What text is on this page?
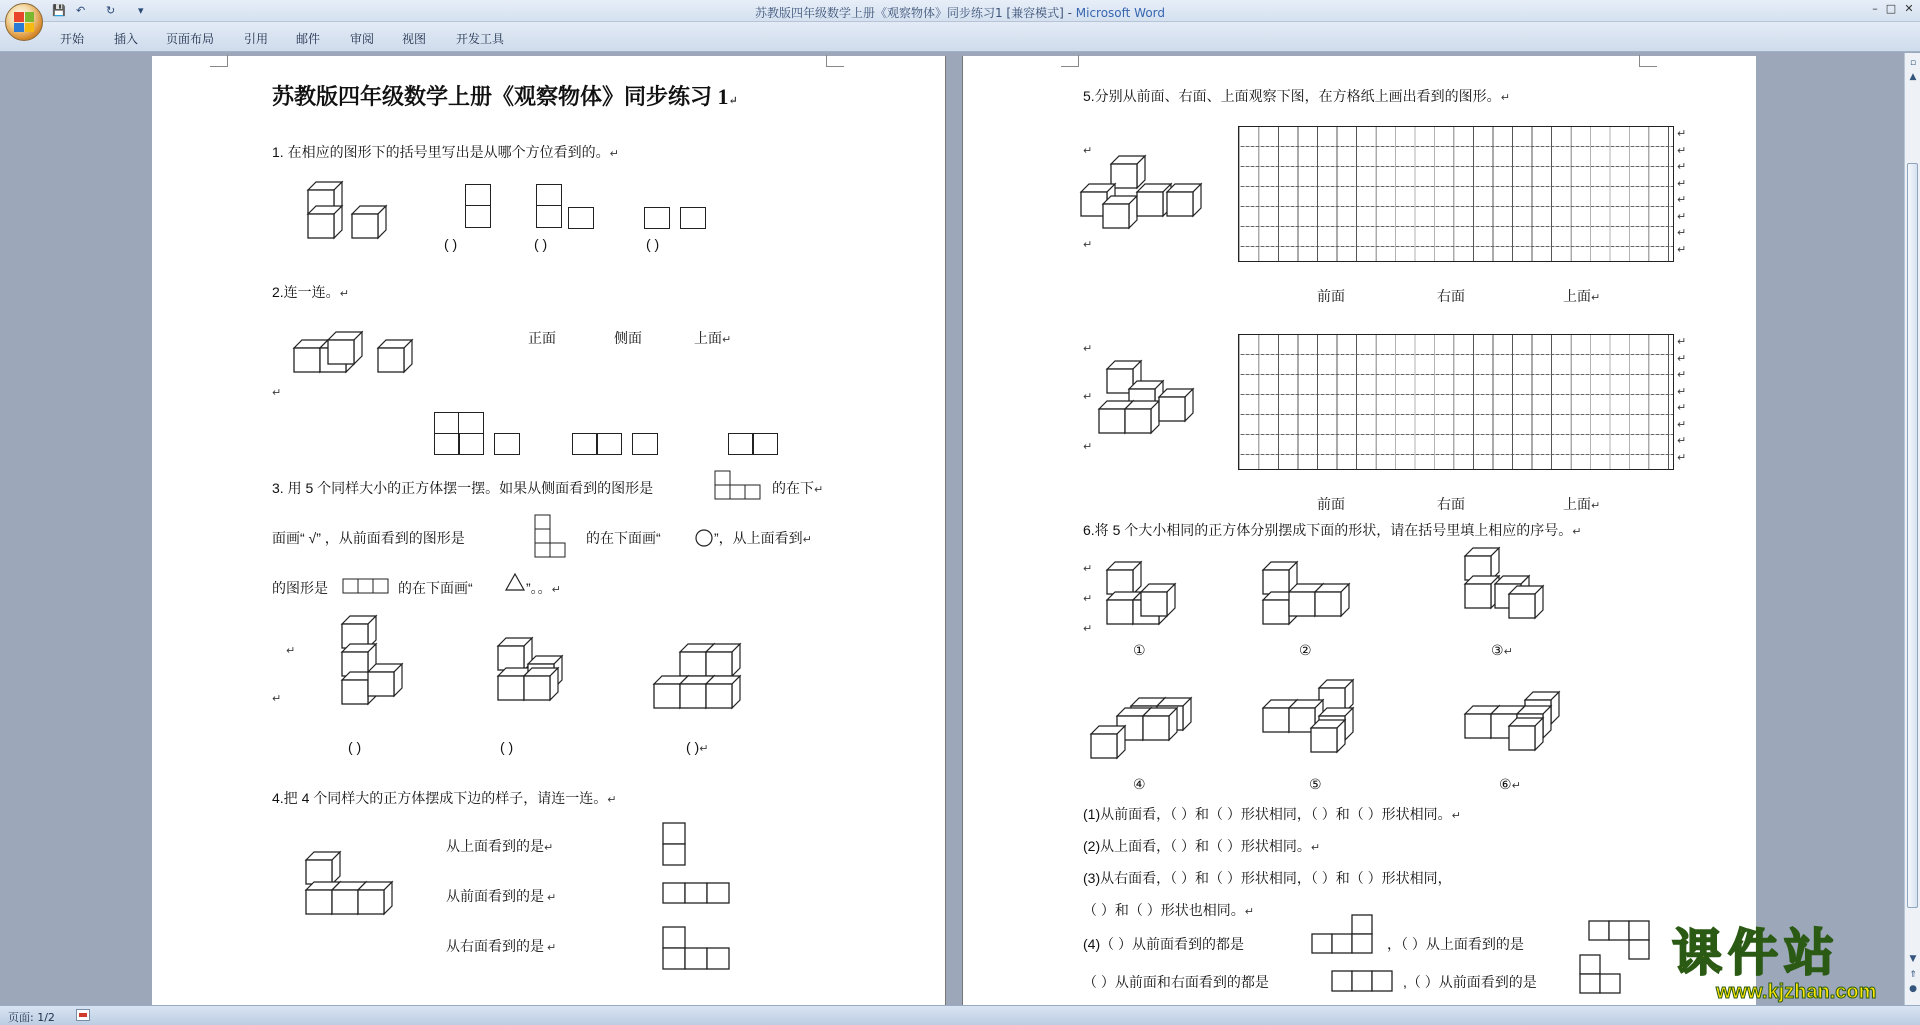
苏教版四年级数学上册《观察物体》同步练习1 [兼容模式] - Microsoft Word
💾 ↶ ↻ ▾	– □ ✕
开始 插入 页面布局 引用 邮件 审阅 视图 开发工具
苏教版四年级数学上册《观察物体》同步练习 1↵
1. 在相应的图形下的括号里写出是从哪个方位看到的。↵
( )	( )	( )
2.连一连。↵
正面	侧面	上面↵
↵
3. 用 5 个同样大小的正方体摆一摆。如果从侧面看到的图形是	的在下↵
面画“ √” ，从前面看到的图形是	的在下面画“	”，从上面看到↵
的图形是	的在下面画“	”。。↵
↵
↵
( )	( )	( )↵
4.把 4 个同样大的正方体摆成下边的样子，请连一连。↵
从上面看到的是↵
从前面看到的是 ↵
从右面看到的是 ↵
5.分别从前面、右面、上面观察下图，在方格纸上画出看到的图形。↵
↵
↵
↵
↵
↵
↵
↵
↵
↵
↵
前面	右面	上面↵
↵
↵
↵
↵
↵
↵
↵
↵
↵
↵
↵
前面	右面	上面↵
6.将 5 个大小相同的正方体分别摆成下面的形状，请在括号里填上相应的序号。↵
↵
↵
↵
①	②	③↵
④	⑤	⑥↵
(1)从前面看，（ ）和（ ）形状相同，（ ）和（ ）形状相同。↵
(2)从上面看，（ ）和（ ）形状相同。↵
(3)从右面看，（ ）和（ ）形状相同，（ ）和（ ）形状相同，
（ ）和（ ）形状也相同。↵
(4)（ ）从前面看到的都是	，（ ）从上面看到的是
（ ）从前面和右面看到的都是	,（ ）从前面看到的是
▫
▲
▼
⇑
●
页面: 1/2
课件站
www.kjzhan.com
